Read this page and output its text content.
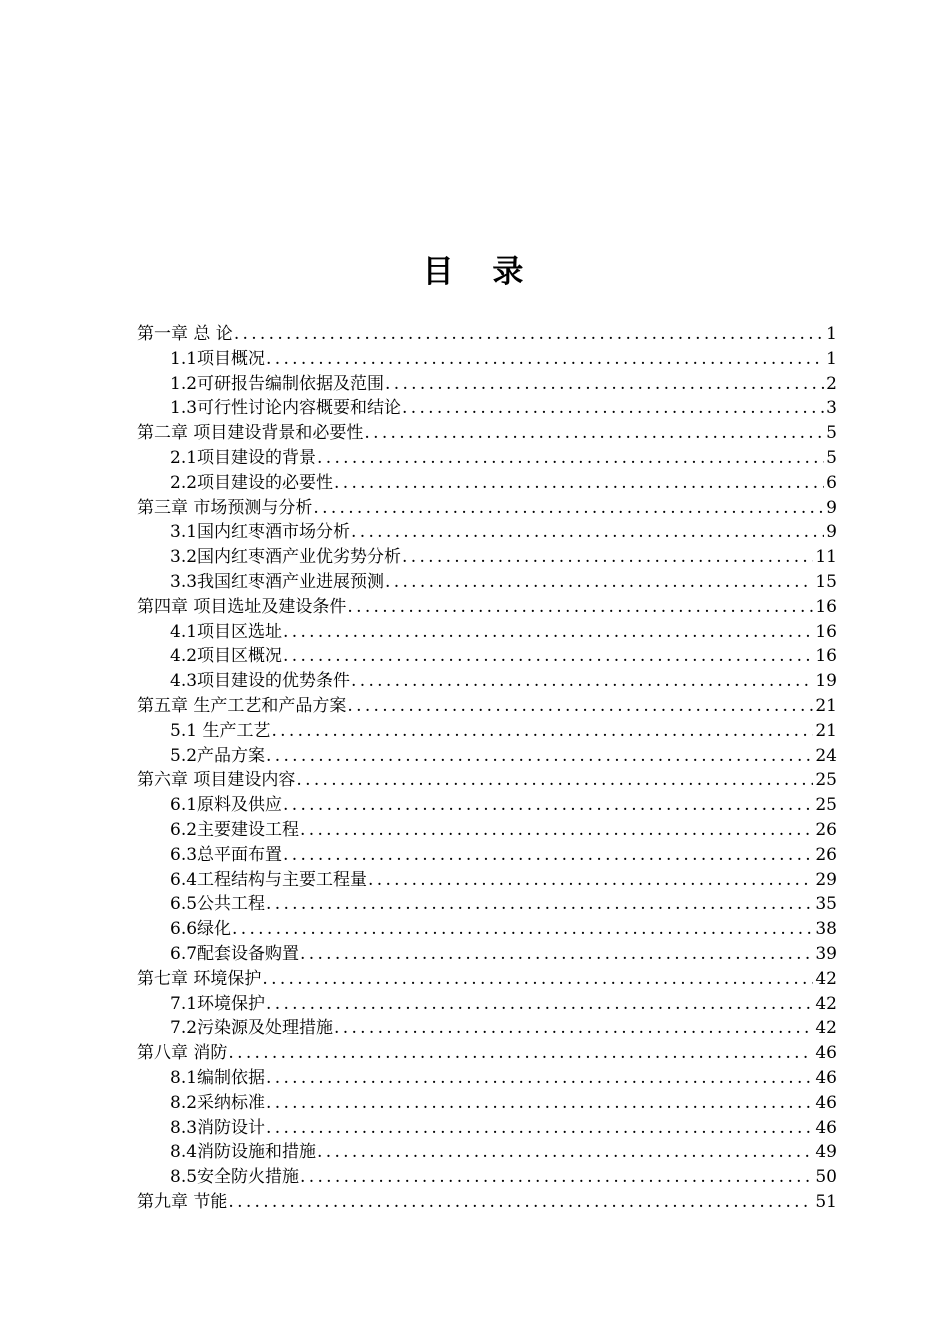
目 录
第一章 总 论 .....	1
1.1项目概况 .....	1
1.2可研报告编制依据及范围 .....	2
1.3可行性讨论内容概要和结论 .....	3
第二章 项目建设背景和必要性 .....	5
2.1项目建设的背景 .....	5
2.2项目建设的必要性 .....	6
第三章 市场预测与分析 .....	9
3.1国内红枣酒市场分析 .....	9
3.2国内红枣酒产业优劣势分析 .....	11
3.3我国红枣酒产业进展预测 .....	15
第四章 项目选址及建设条件 .....	16
4.1项目区选址 .....	16
4.2项目区概况 .....	16
4.3项目建设的优势条件 .....	19
第五章 生产工艺和产品方案 .....	21
5.1 生产工艺 .....	21
5.2产品方案 .....	24
第六章 项目建设内容 .....	25
6.1原料及供应 .....	25
6.2主要建设工程 .....	26
6.3总平面布置 .....	26
6.4工程结构与主要工程量 .....	29
6.5公共工程 .....	35
6.6绿化 .....	38
6.7配套设备购置 .....	39
第七章 环境保护 .....	42
7.1环境保护 .....	42
7.2污染源及处理措施 .....	42
第八章 消防 .....	46
8.1编制依据 .....	46
8.2采纳标准 .....	46
8.3消防设计 .....	46
8.4消防设施和措施 .....	49
8.5安全防火措施 .....	50
第九章 节能 .....	51
